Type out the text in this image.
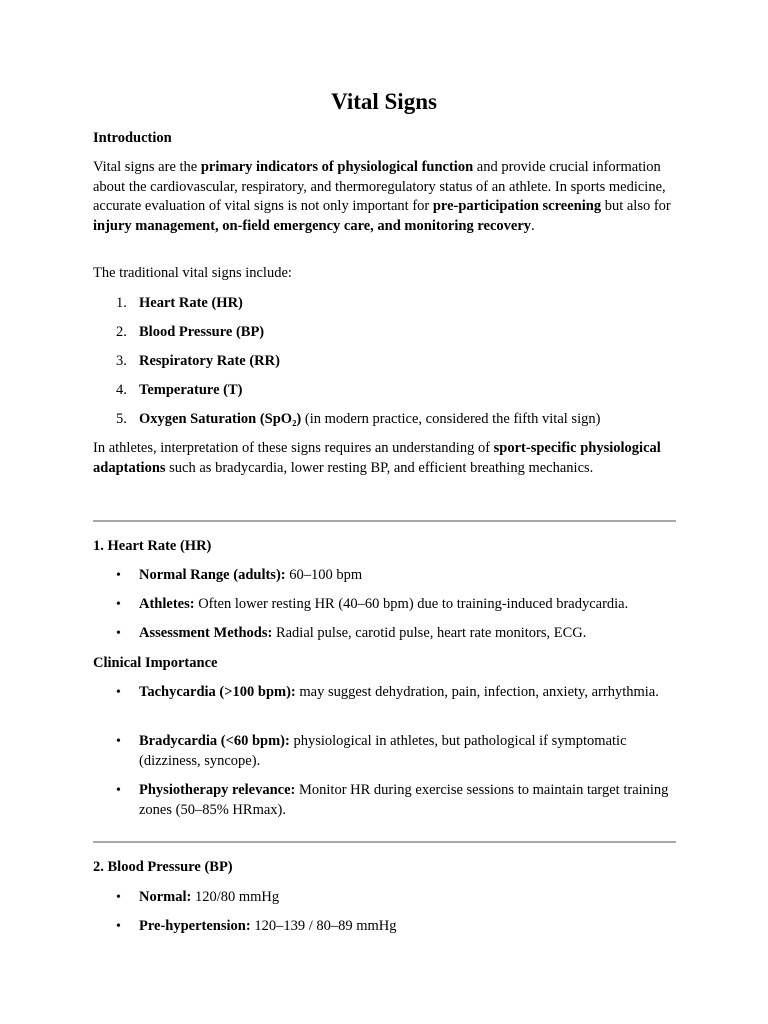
Vital Signs

Introduction

Vital signs are the primary indicators of physiological function and provide crucial information about the cardiovascular, respiratory, and thermoregulatory status of an athlete. In sports medicine, accurate evaluation of vital signs is not only important for pre-participation screening but also for injury management, on-field emergency care, and monitoring recovery.

The traditional vital signs include:

1. Heart Rate (HR)

2. Blood Pressure (BP)

3. Respiratory Rate (RR)

4. Temperature (T)

5. Oxygen Saturation (SpO₂) (in modern practice, considered the fifth vital sign)

In athletes, interpretation of these signs requires an understanding of sport-specific physiological adaptations such as bradycardia, lower resting BP, and efficient breathing mechanics.

1. Heart Rate (HR)

•	Normal Range (adults): 60–100 bpm

•	Athletes: Often lower resting HR (40–60 bpm) due to training-induced bradycardia.

•	Assessment Methods: Radial pulse, carotid pulse, heart rate monitors, ECG.

Clinical Importance

•	Tachycardia (>100 bpm): may suggest dehydration, pain, infection, anxiety, arrhythmia.

•	Bradycardia (<60 bpm): physiological in athletes, but pathological if symptomatic (dizziness, syncope).

•	Physiotherapy relevance: Monitor HR during exercise sessions to maintain target training zones (50–85% HRmax).

2. Blood Pressure (BP)

•	Normal: 120/80 mmHg

•	Pre-hypertension: 120–139 / 80–89 mmHg
